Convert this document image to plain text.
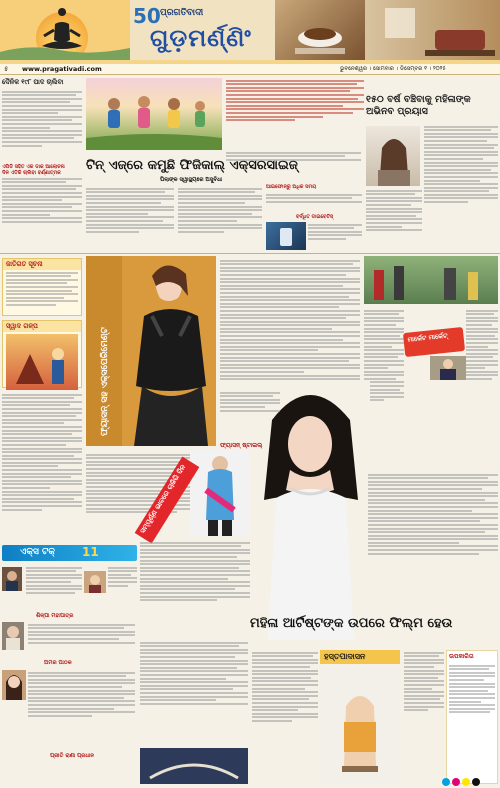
50 ପ୍ରଗତିବାଦୀ
ଗୁଡ଼ମର୍ଣ୍ଣିଂ
୫ www.pragativadi.com	ଭୁବନେଶ୍ୱର । ସୋମବାର । ଡିସେମ୍ବର ୧ । ୨୦୨୫
ଦୈନିକ ୧୯୮ ପାଦ ଚାଲିବା
ଏପିଡି ସହିତ ଏକ ଡାକ ଆଲୋଚନା
ଦିନ ଏତିକି ଚାଲିବା ବର୍ଣ୍ଣାତ୍ମକ
୧୫୦ ବର୍ଷ ବଞ୍ଚିବାକୁ ମହିଳାଙ୍କ ଅଭିନବ ପ୍ରୟାସ
ଟିନ୍ ଏଜ୍‌ରେ କମୁଛି ଫିଜିକାଲ୍ ଏକ୍ସରସାଇଜ୍
ପିଲାଙ୍କ ସ୍ୱାସ୍ଥ୍ୟରେ ଅସୁବିଧା
ଆଇଫୋନ୍‌ରୁ ଅଧିକ ସମୟ
ବର୍ଦ୍ଧିତ ଡାଇବେଟିସ୍
ଜାତିଗତ ସୂଚନା
ସ୍ୱାଦ ଗଳ୍ପ
ଏକ୍ସ ଟକ୍ 11
ଶିଳ୍ପା ମହାପାତ୍ର
ଅମର ପାଠକ
ପ୍ରୀତି ରାଣୀ ପ୍ରଧାନ
ଫ୍ୟାସନ୍ ସହ ଏକ୍ସପେରିମେଣ୍ଟ	ମାର୍କେଟ ମାର୍କେଟ୍
ସମ୍ପୂର୍ଣ୍ଣ ଭାବରେ ଚାକିରି ଦିନ
ଫ୍ୟାସନ୍ ଷ୍ଟାଇଲ୍
ମହିଳା ଆର୍ଟିଷ୍ଟଙ୍କ ଉପରେ ଫିଲ୍ମ ହେଉ
ହସ୍ତପାଦାସନ	ଉପକାରିତା
